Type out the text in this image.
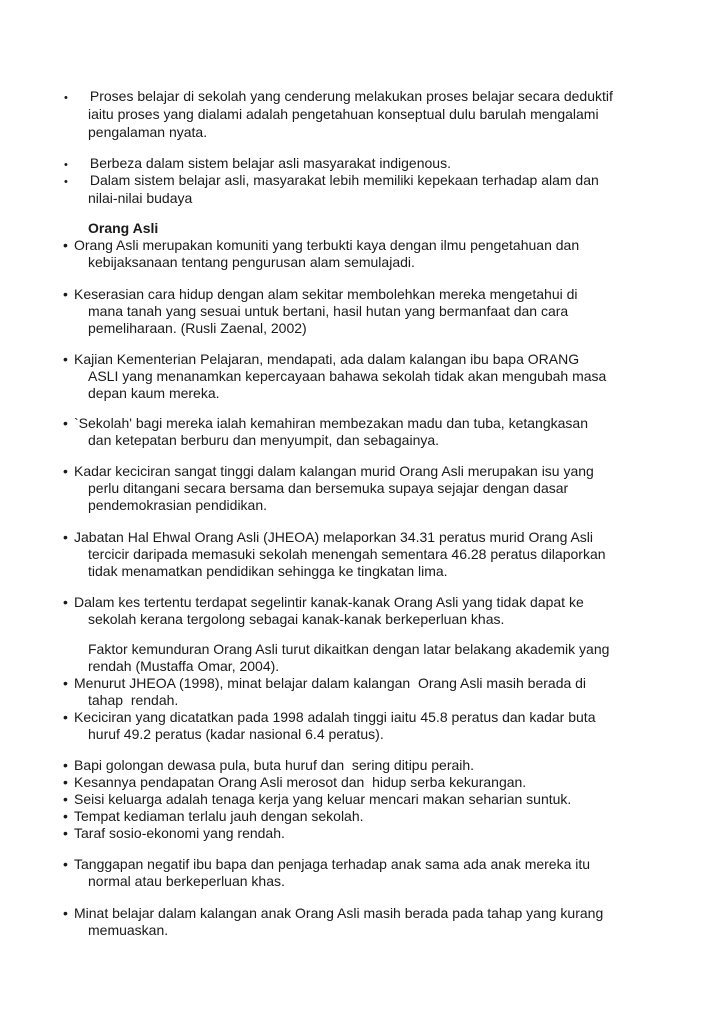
• Proses belajar di sekolah yang cenderung melakukan proses belajar secara deduktif

iaitu proses yang dialami adalah pengetahuan konseptual dulu barulah mengalami

pengalaman nyata.

• Berbeza dalam sistem belajar asli masyarakat indigenous.

• Dalam sistem belajar asli, masyarakat lebih memiliki kepekaan terhadap alam dan

nilai-nilai budaya

Orang Asli

• Orang Asli merupakan komuniti yang terbukti kaya dengan ilmu pengetahuan dan

kebijaksanaan tentang pengurusan alam semulajadi.

• Keserasian cara hidup dengan alam sekitar membolehkan mereka mengetahui di

mana tanah yang sesuai untuk bertani, hasil hutan yang bermanfaat dan cara

pemeliharaan. (Rusli Zaenal, 2002)

• Kajian Kementerian Pelajaran, mendapati, ada dalam kalangan ibu bapa ORANG

ASLI yang menanamkan kepercayaan bahawa sekolah tidak akan mengubah masa

depan kaum mereka.

• `Sekolah' bagi mereka ialah kemahiran membezakan madu dan tuba, ketangkasan

dan ketepatan berburu dan menyumpit, dan sebagainya.

• Kadar keciciran sangat tinggi dalam kalangan murid Orang Asli merupakan isu yang

perlu ditangani secara bersama dan bersemuka supaya sejajar dengan dasar

pendemokrasian pendidikan.

• Jabatan Hal Ehwal Orang Asli (JHEOA) melaporkan 34.31 peratus murid Orang Asli

tercicir daripada memasuki sekolah menengah sementara 46.28 peratus dilaporkan

tidak menamatkan pendidikan sehingga ke tingkatan lima.

• Dalam kes tertentu terdapat segelintir kanak-kanak Orang Asli yang tidak dapat ke

sekolah kerana tergolong sebagai kanak-kanak berkeperluan khas.

Faktor kemunduran Orang Asli turut dikaitkan dengan latar belakang akademik yang

rendah (Mustaffa Omar, 2004).

• Menurut JHEOA (1998), minat belajar dalam kalangan  Orang Asli masih berada di

tahap  rendah.

• Keciciran yang dicatatkan pada 1998 adalah tinggi iaitu 45.8 peratus dan kadar buta

huruf 49.2 peratus (kadar nasional 6.4 peratus).

• Bapi golongan dewasa pula, buta huruf dan  sering ditipu peraih.

• Kesannya pendapatan Orang Asli merosot dan  hidup serba kekurangan.

• Seisi keluarga adalah tenaga kerja yang keluar mencari makan seharian suntuk.

• Tempat kediaman terlalu jauh dengan sekolah.

• Taraf sosio-ekonomi yang rendah.

• Tanggapan negatif ibu bapa dan penjaga terhadap anak sama ada anak mereka itu

normal atau berkeperluan khas.

• Minat belajar dalam kalangan anak Orang Asli masih berada pada tahap yang kurang

memuaskan.
